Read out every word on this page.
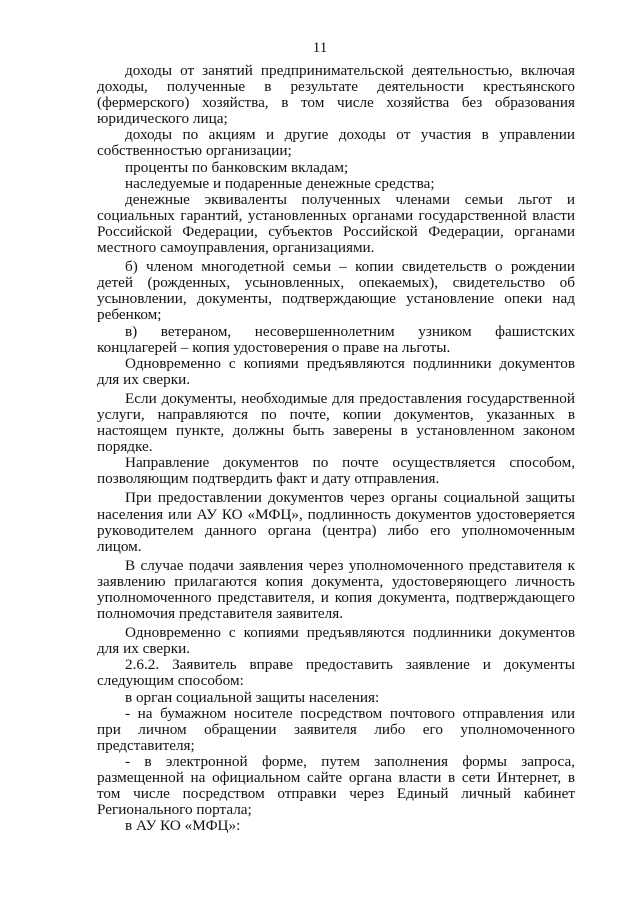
11

доходы от занятий предпринимательской деятельностью, включая доходы, полученные в результате деятельности крестьянского (фермерского) хозяйства, в том числе хозяйства без образования юридического лица;

доходы по акциям и другие доходы от участия в управлении собственностью организации;

проценты по банковским вкладам;

наследуемые и подаренные денежные средства;

денежные эквиваленты полученных членами семьи льгот и социальных гарантий, установленных органами государственной власти Российской Федерации, субъектов Российской Федерации, органами местного самоуправления, организациями.

б) членом многодетной семьи – копии свидетельств о рождении детей (рожденных, усыновленных, опекаемых), свидетельство об усыновлении, документы, подтверждающие установление опеки над ребенком;

в) ветераном, несовершеннолетним узником фашистских концлагерей – копия удостоверения о праве на льготы.

Одновременно с копиями предъявляются подлинники документов для их сверки.

Если документы, необходимые для предоставления государственной услуги, направляются по почте, копии документов, указанных в настоящем пункте, должны быть заверены в установленном законом порядке.

Направление документов по почте осуществляется способом, позволяющим подтвердить факт и дату отправления.

При предоставлении документов через органы социальной защиты населения или АУ КО «МФЦ», подлинность документов удостоверяется руководителем данного органа (центра) либо его уполномоченным лицом.

В случае подачи заявления через уполномоченного представителя к заявлению прилагаются копия документа, удостоверяющего личность уполномоченного представителя, и копия документа, подтверждающего полномочия представителя заявителя.

Одновременно с копиями предъявляются подлинники документов для их сверки.

2.6.2. Заявитель вправе предоставить заявление и документы следующим способом:

в орган социальной защиты населения:

- на бумажном носителе посредством почтового отправления или при личном обращении заявителя либо его уполномоченного представителя;

- в электронной форме, путем заполнения формы запроса, размещенной на официальном сайте органа власти в сети Интернет, в том числе посредством отправки через Единый личный кабинет Регионального портала;

в АУ КО «МФЦ»:
